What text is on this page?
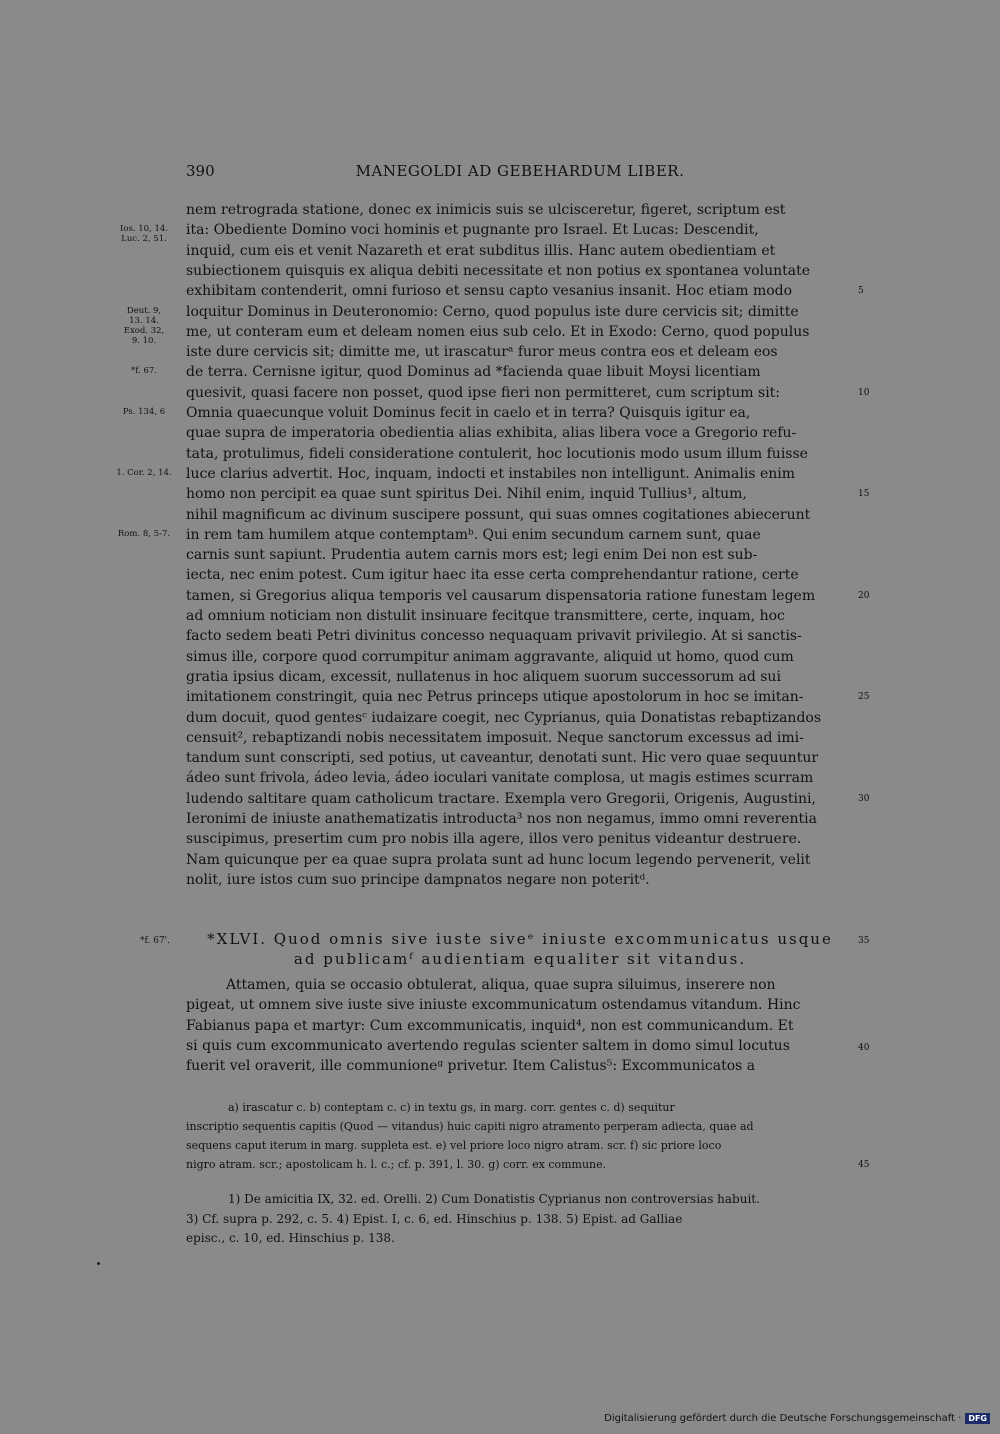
390	MANEGOLDI AD GEBEHARDUM LIBER.
nem retrograda statione, donec ex inimicis suis se ulcisceretur, figeret, scriptum est
ita: Obediente Domino voci hominis et pugnante pro Israel. Et Lucas: Descendit,
inquid, cum eis et venit Nazareth et erat subditus illis. Hanc autem obedientiam et
subiectionem quisquis ex aliqua debiti necessitate et non potius ex spontanea voluntate
exhibitam contenderit, omni furioso et sensu capto vesanius insanit. Hoc etiam modo
loquitur Dominus in Deuteronomio: Cerno, quod populus iste dure cervicis sit; dimitte
me, ut conteram eum et deleam nomen eius sub celo. Et in Exodo: Cerno, quod populus
iste dure cervicis sit; dimitte me, ut irascaturᵃ furor meus contra eos et deleam eos
de terra. Cernisne igitur, quod Dominus ad *facienda quae libuit Moysi licentiam
quesivit, quasi facere non posset, quod ipse fieri non permitteret, cum scriptum sit:
Omnia quaecunque voluit Dominus fecit in caelo et in terra? Quisquis igitur ea,
quae supra de imperatoria obedientia alias exhibita, alias libera voce a Gregorio refu-
tata, protulimus, fideli consideratione contulerit, hoc locutionis modo usum illum fuisse
luce clarius advertit. Hoc, inquam, indocti et instabiles non intelligunt. Animalis enim
homo non percipit ea quae sunt spiritus Dei. Nihil enim, inquid Tullius¹, altum,
nihil magnificum ac divinum suscipere possunt, qui suas omnes cogitationes abiecerunt
in rem tam humilem atque contemptamᵇ. Qui enim secundum carnem sunt, quae
carnis sunt sapiunt. Prudentia autem carnis mors est; legi enim Dei non est sub-
iecta, nec enim potest. Cum igitur haec ita esse certa comprehendantur ratione, certe
tamen, si Gregorius aliqua temporis vel causarum dispensatoria ratione funestam legem
ad omnium noticiam non distulit insinuare fecitque transmittere, certe, inquam, hoc
facto sedem beati Petri divinitus concesso nequaquam privavit privilegio. At si sanctis-
simus ille, corpore quod corrumpitur animam aggravante, aliquid ut homo, quod cum
gratia ipsius dicam, excessit, nullatenus in hoc aliquem suorum successorum ad sui
imitationem constringit, quia nec Petrus princeps utique apostolorum in hoc se imitan-
dum docuit, quod gentesᶜ iudaizare coegit, nec Cyprianus, quia Donatistas rebaptizandos
censuit², rebaptizandi nobis necessitatem imposuit. Neque sanctorum excessus ad imi-
tandum sunt conscripti, sed potius, ut caveantur, denotati sunt. Hic vero quae sequuntur
ádeo sunt frivola, ádeo levia, ádeo ioculari vanitate complosa, ut magis estimes scurram
ludendo saltitare quam catholicum tractare. Exempla vero Gregorii, Origenis, Augustini,
Ieronimi de iniuste anathematizatis introducta³ nos non negamus, immo omni reverentia
suscipimus, presertim cum pro nobis illa agere, illos vero penitus videantur destruere.
Nam quicunque per ea quae supra prolata sunt ad hunc locum legendo pervenerit, velit
nolit, iure istos cum suo principe dampnatos negare non poteritᵈ.
Ios. 10, 14.
Luc. 2, 51.
Deut. 9,
13. 14.
Exod. 32,
9. 10.
*f. 67.
Ps. 134, 6
1. Cor. 2, 14.
Rom. 8, 5-7.
5
10
15
20
25
30
*f. 67'.	*XLVI. Quod omnis sive iuste siveᵉ iniuste excommunicatus usque
ad publicamᶠ audientiam equaliter sit vitandus.
35
Attamen, quia se occasio obtulerat, aliqua, quae supra siluimus, inserere non
pigeat, ut omnem sive iuste sive iniuste excommunicatum ostendamus vitandum. Hinc
Fabianus papa et martyr: Cum excommunicatis, inquid⁴, non est communicandum. Et
si quis cum excommunicato avertendo regulas scienter saltem in domo simul locutus
fuerit vel oraverit, ille communioneᵍ privetur. Item Calistus⁵: Excommunicatos a
40
a) irascatur c. b) conteptam c. c) in textu gs, in marg. corr. gentes c. d) sequitur
inscriptio sequentis capitis (Quod — vitandus) huic capiti nigro atramento perperam adiecta, quae ad
sequens caput iterum in marg. suppleta est. e) vel priore loco nigro atram. scr. f) sic priore loco
nigro atram. scr.; apostolicam h. l. c.; cf. p. 391, l. 30. g) corr. ex commune.	45
1) De amicitia IX, 32. ed. Orelli. 2) Cum Donatistis Cyprianus non controversias habuit.
3) Cf. supra p. 292, c. 5. 4) Epist. I, c. 6, ed. Hinschius p. 138. 5) Epist. ad Galliae
episc., c. 10, ed. Hinschius p. 138.
Digitalisierung gefördert durch die Deutsche Forschungsgemeinschaft · DFG
